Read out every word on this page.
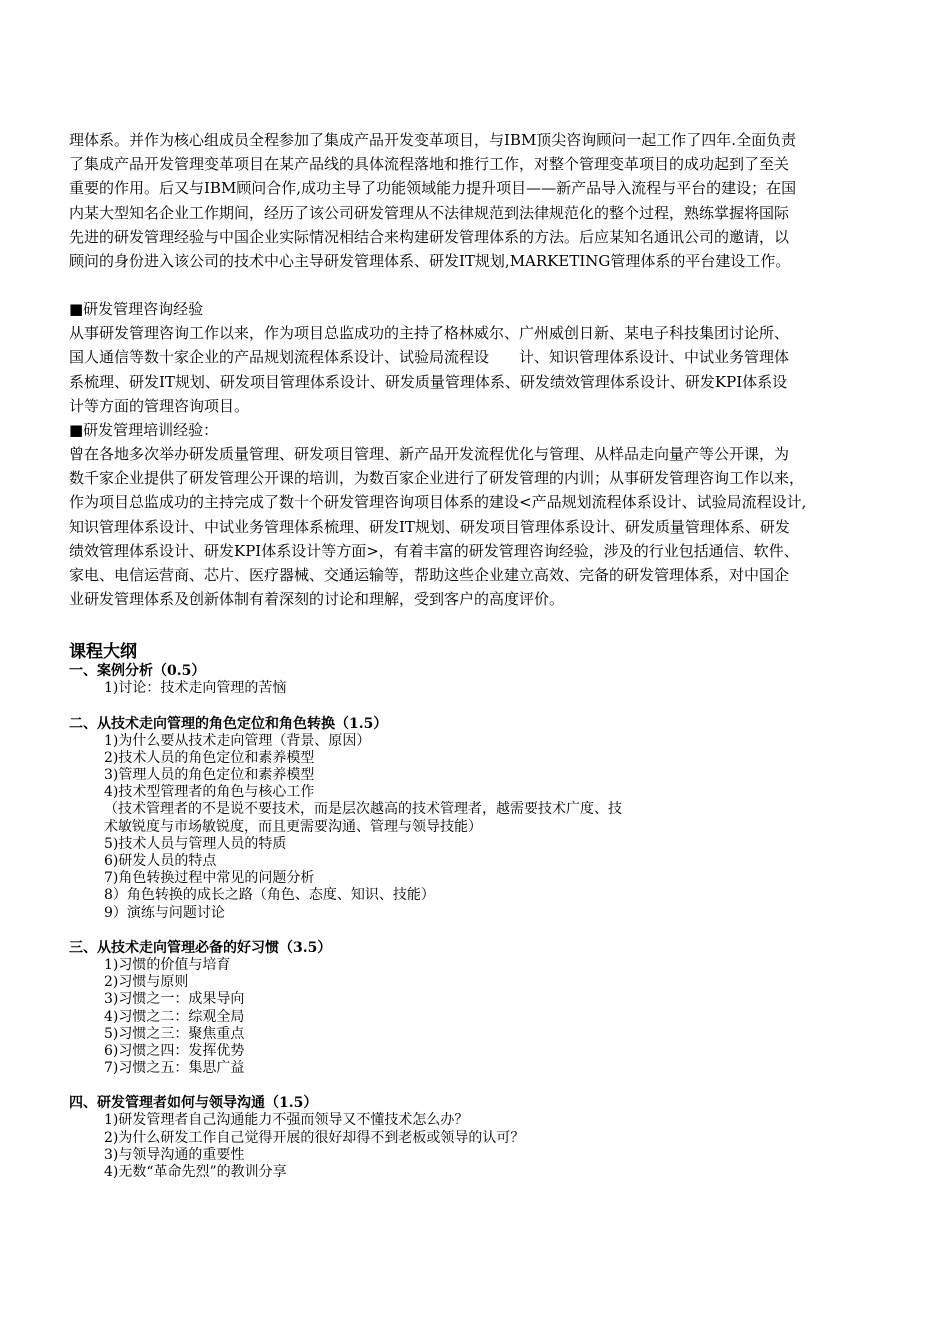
理体系。并作为核心组成员全程参加了集成产品开发变革项目，与IBM顶尖咨询顾问一起工作了四年.全面负责

了集成产品开发管理变革项目在某产品线的具体流程落地和推行工作，对整个管理变革项目的成功起到了至关

重要的作用。后又与IBM顾问合作,成功主导了功能领域能力提升项目——新产品导入流程与平台的建设；在国

内某大型知名企业工作期间，经历了该公司研发管理从不法律规范到法律规范化的整个过程，熟练掌握将国际

先进的研发管理经验与中国企业实际情况相结合来构建研发管理体系的方法。后应某知名通讯公司的邀请，以

顾问的身份进入该公司的技术中心主导研发管理体系、研发IT规划,MARKETING管理体系的平台建设工作。

■研发管理咨询经验

从事研发管理咨询工作以来，作为项目总监成功的主持了格林威尔、广州威创日新、某电子科技集团讨论所、

国人通信等数十家企业的产品规划流程体系设计、试验局流程设　　计、知识管理体系设计、中试业务管理体

系梳理、研发IT规划、研发项目管理体系设计、研发质量管理体系、研发绩效管理体系设计、研发KPI体系设

计等方面的管理咨询项目。

■研发管理培训经验：

曾在各地多次举办研发质量管理、研发项目管理、新产品开发流程优化与管理、从样品走向量产等公开课，为

数千家企业提供了研发管理公开课的培训，为数百家企业进行了研发管理的内训；从事研发管理咨询工作以来，

作为项目总监成功的主持完成了数十个研发管理咨询项目体系的建设<产品规划流程体系设计、试验局流程设计,

知识管理体系设计、中试业务管理体系梳理、研发IT规划、研发项目管理体系设计、研发质量管理体系、研发

绩效管理体系设计、研发KPI体系设计等方面>，有着丰富的研发管理咨询经验，涉及的行业包括通信、软件、

家电、电信运营商、芯片、医疗器械、交通运输等，帮助这些企业建立高效、完备的研发管理体系，对中国企

业研发管理体系及创新体制有着深刻的讨论和理解，受到客户的高度评价。

课程大纲

一、案例分析（0.5）

1)讨论：技术走向管理的苦恼

二、从技术走向管理的角色定位和角色转换（1.5）

1)为什么要从技术走向管理（背景、原因）

2)技术人员的角色定位和素养模型

3)管理人员的角色定位和素养模型

4)技术型管理者的角色与核心工作

（技术管理者的不是说不要技术，而是层次越高的技术管理者，越需要技术广度、技

术敏锐度与市场敏锐度，而且更需要沟通、管理与领导技能）

5)技术人员与管理人员的特质

6)研发人员的特点

7)角色转换过程中常见的问题分析

8）角色转换的成长之路（角色、态度、知识、技能）

9）演练与问题讨论

三、从技术走向管理必备的好习惯（3.5）

1)习惯的价值与培育

2)习惯与原则

3)习惯之一：成果导向

4)习惯之二：综观全局

5)习惯之三：聚焦重点

6)习惯之四：发挥优势

7)习惯之五：集思广益

四、研发管理者如何与领导沟通（1.5）

1)研发管理者自己沟通能力不强而领导又不懂技术怎么办？

2)为什么研发工作自己觉得开展的很好却得不到老板或领导的认可？

3)与领导沟通的重要性

4)无数“革命先烈”的教训分享
